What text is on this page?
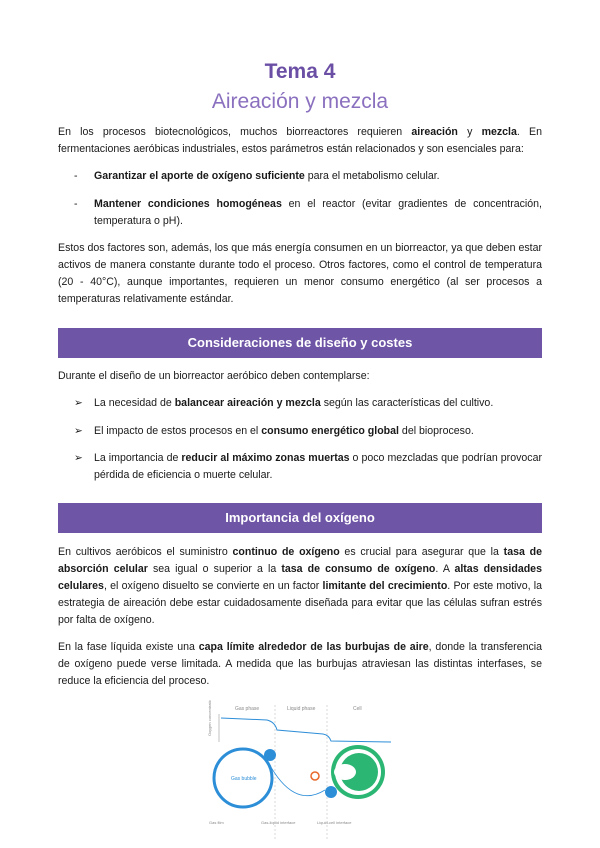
Tema 4
Aireación y mezcla
En los procesos biotecnológicos, muchos biorreactores requieren aireación y mezcla. En fermentaciones aeróbicas industriales, estos parámetros están relacionados y son esenciales para:
-	Garantizar el aporte de oxígeno suficiente para el metabolismo celular.
-	Mantener condiciones homogéneas en el reactor (evitar gradientes de concentración, temperatura o pH).
Estos dos factores son, además, los que más energía consumen en un biorreactor, ya que deben estar activos de manera constante durante todo el proceso. Otros factores, como el control de temperatura (20 - 40°C), aunque importantes, requieren un menor consumo energético (al ser procesos a temperaturas relativamente estándar.
Consideraciones de diseño y costes
Durante el diseño de un biorreactor aeróbico deben contemplarse:
➢	La necesidad de balancear aireación y mezcla según las características del cultivo.
➢	El impacto de estos procesos en el consumo energético global del bioproceso.
➢	La importancia de reducir al máximo zonas muertas o poco mezcladas que podrían provocar pérdida de eficiencia o muerte celular.
Importancia del oxígeno
En cultivos aeróbicos el suministro continuo de oxígeno es crucial para asegurar que la tasa de absorción celular sea igual o superior a la tasa de consumo de oxígeno. A altas densidades celulares, el oxígeno disuelto se convierte en un factor limitante del crecimiento. Por este motivo, la estrategia de aireación debe estar cuidadosamente diseñada para evitar que las células sufran estrés por falta de oxígeno.
En la fase líquida existe una capa límite alrededor de las burbujas de aire, donde la transferencia de oxígeno puede verse limitada. A medida que las burbujas atraviesan las distintas interfases, se reduce la eficiencia del proceso.
Gas phase	Liquid phase	Cell
Oxygen concentration
Gas bubble
Gas film	Gas-liquid interface	Liquid-cell interface
